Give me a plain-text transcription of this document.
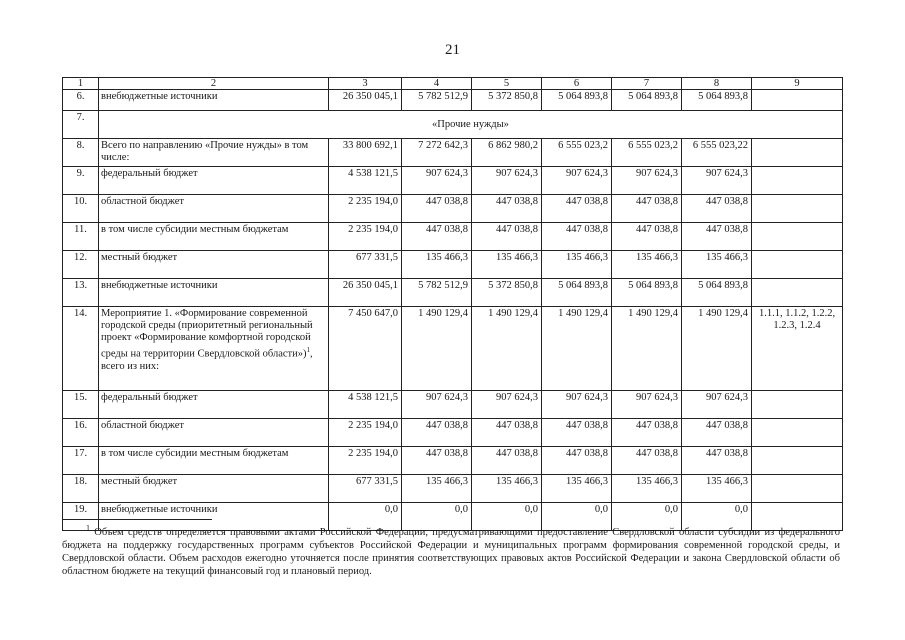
21
1	2	3	4	5	6	7	8	9
6.	внебюджетные источники	26 350 045,1	5 782 512,9	5 372 850,8	5 064 893,8	5 064 893,8	5 064 893,8	
7.	«Прочие нужды»							
8.	Всего по направлению «Прочие нужды» в том числе:	33 800 692,1	7 272 642,3	6 862 980,2	6 555 023,2	6 555 023,2	6 555 023,22	
9.	федеральный бюджет	4 538 121,5	907 624,3	907 624,3	907 624,3	907 624,3	907 624,3	
10.	областной бюджет	2 235 194,0	447 038,8	447 038,8	447 038,8	447 038,8	447 038,8	
11.	в том числе субсидии местным бюджетам	2 235 194,0	447 038,8	447 038,8	447 038,8	447 038,8	447 038,8	
12.	местный бюджет	677 331,5	135 466,3	135 466,3	135 466,3	135 466,3	135 466,3	
13.	внебюджетные источники	26 350 045,1	5 782 512,9	5 372 850,8	5 064 893,8	5 064 893,8	5 064 893,8	
14.	Мероприятие 1. «Формирование современной городской среды (приоритетный региональный проект «Формирование комфортной городской среды на территории Свердловской области»)$^1$, всего из них:	7 450 647,0	1 490 129,4	1 490 129,4	1 490 129,4	1 490 129,4	1 490 129,4	1.1.1, 1.1.2, 1.2.2, 1.2.3, 1.2.4
15.	федеральный бюджет	4 538 121,5	907 624,3	907 624,3	907 624,3	907 624,3	907 624,3	
16.	областной бюджет	2 235 194,0	447 038,8	447 038,8	447 038,8	447 038,8	447 038,8	
17.	в том числе субсидии местным бюджетам	2 235 194,0	447 038,8	447 038,8	447 038,8	447 038,8	447 038,8	
18.	местный бюджет	677 331,5	135 466,3	135 466,3	135 466,3	135 466,3	135 466,3	
19.	внебюджетные источники	0,0	0,0	0,0	0,0	0,0	0,0	
$^1$ Объем средств определяется правовыми актами Российской Федерации, предусматривающими предоставление Свердловской области субсидии из федерального бюджета на поддержку государственных программ субъектов Российской Федерации и муниципальных программ формирования современной городской среды, и Свердловской области. Объем расходов ежегодно уточняется после принятия соответствующих правовых актов Российской Федерации и закона Свердловской области об областном бюджете на текущий финансовый год и плановый период.
